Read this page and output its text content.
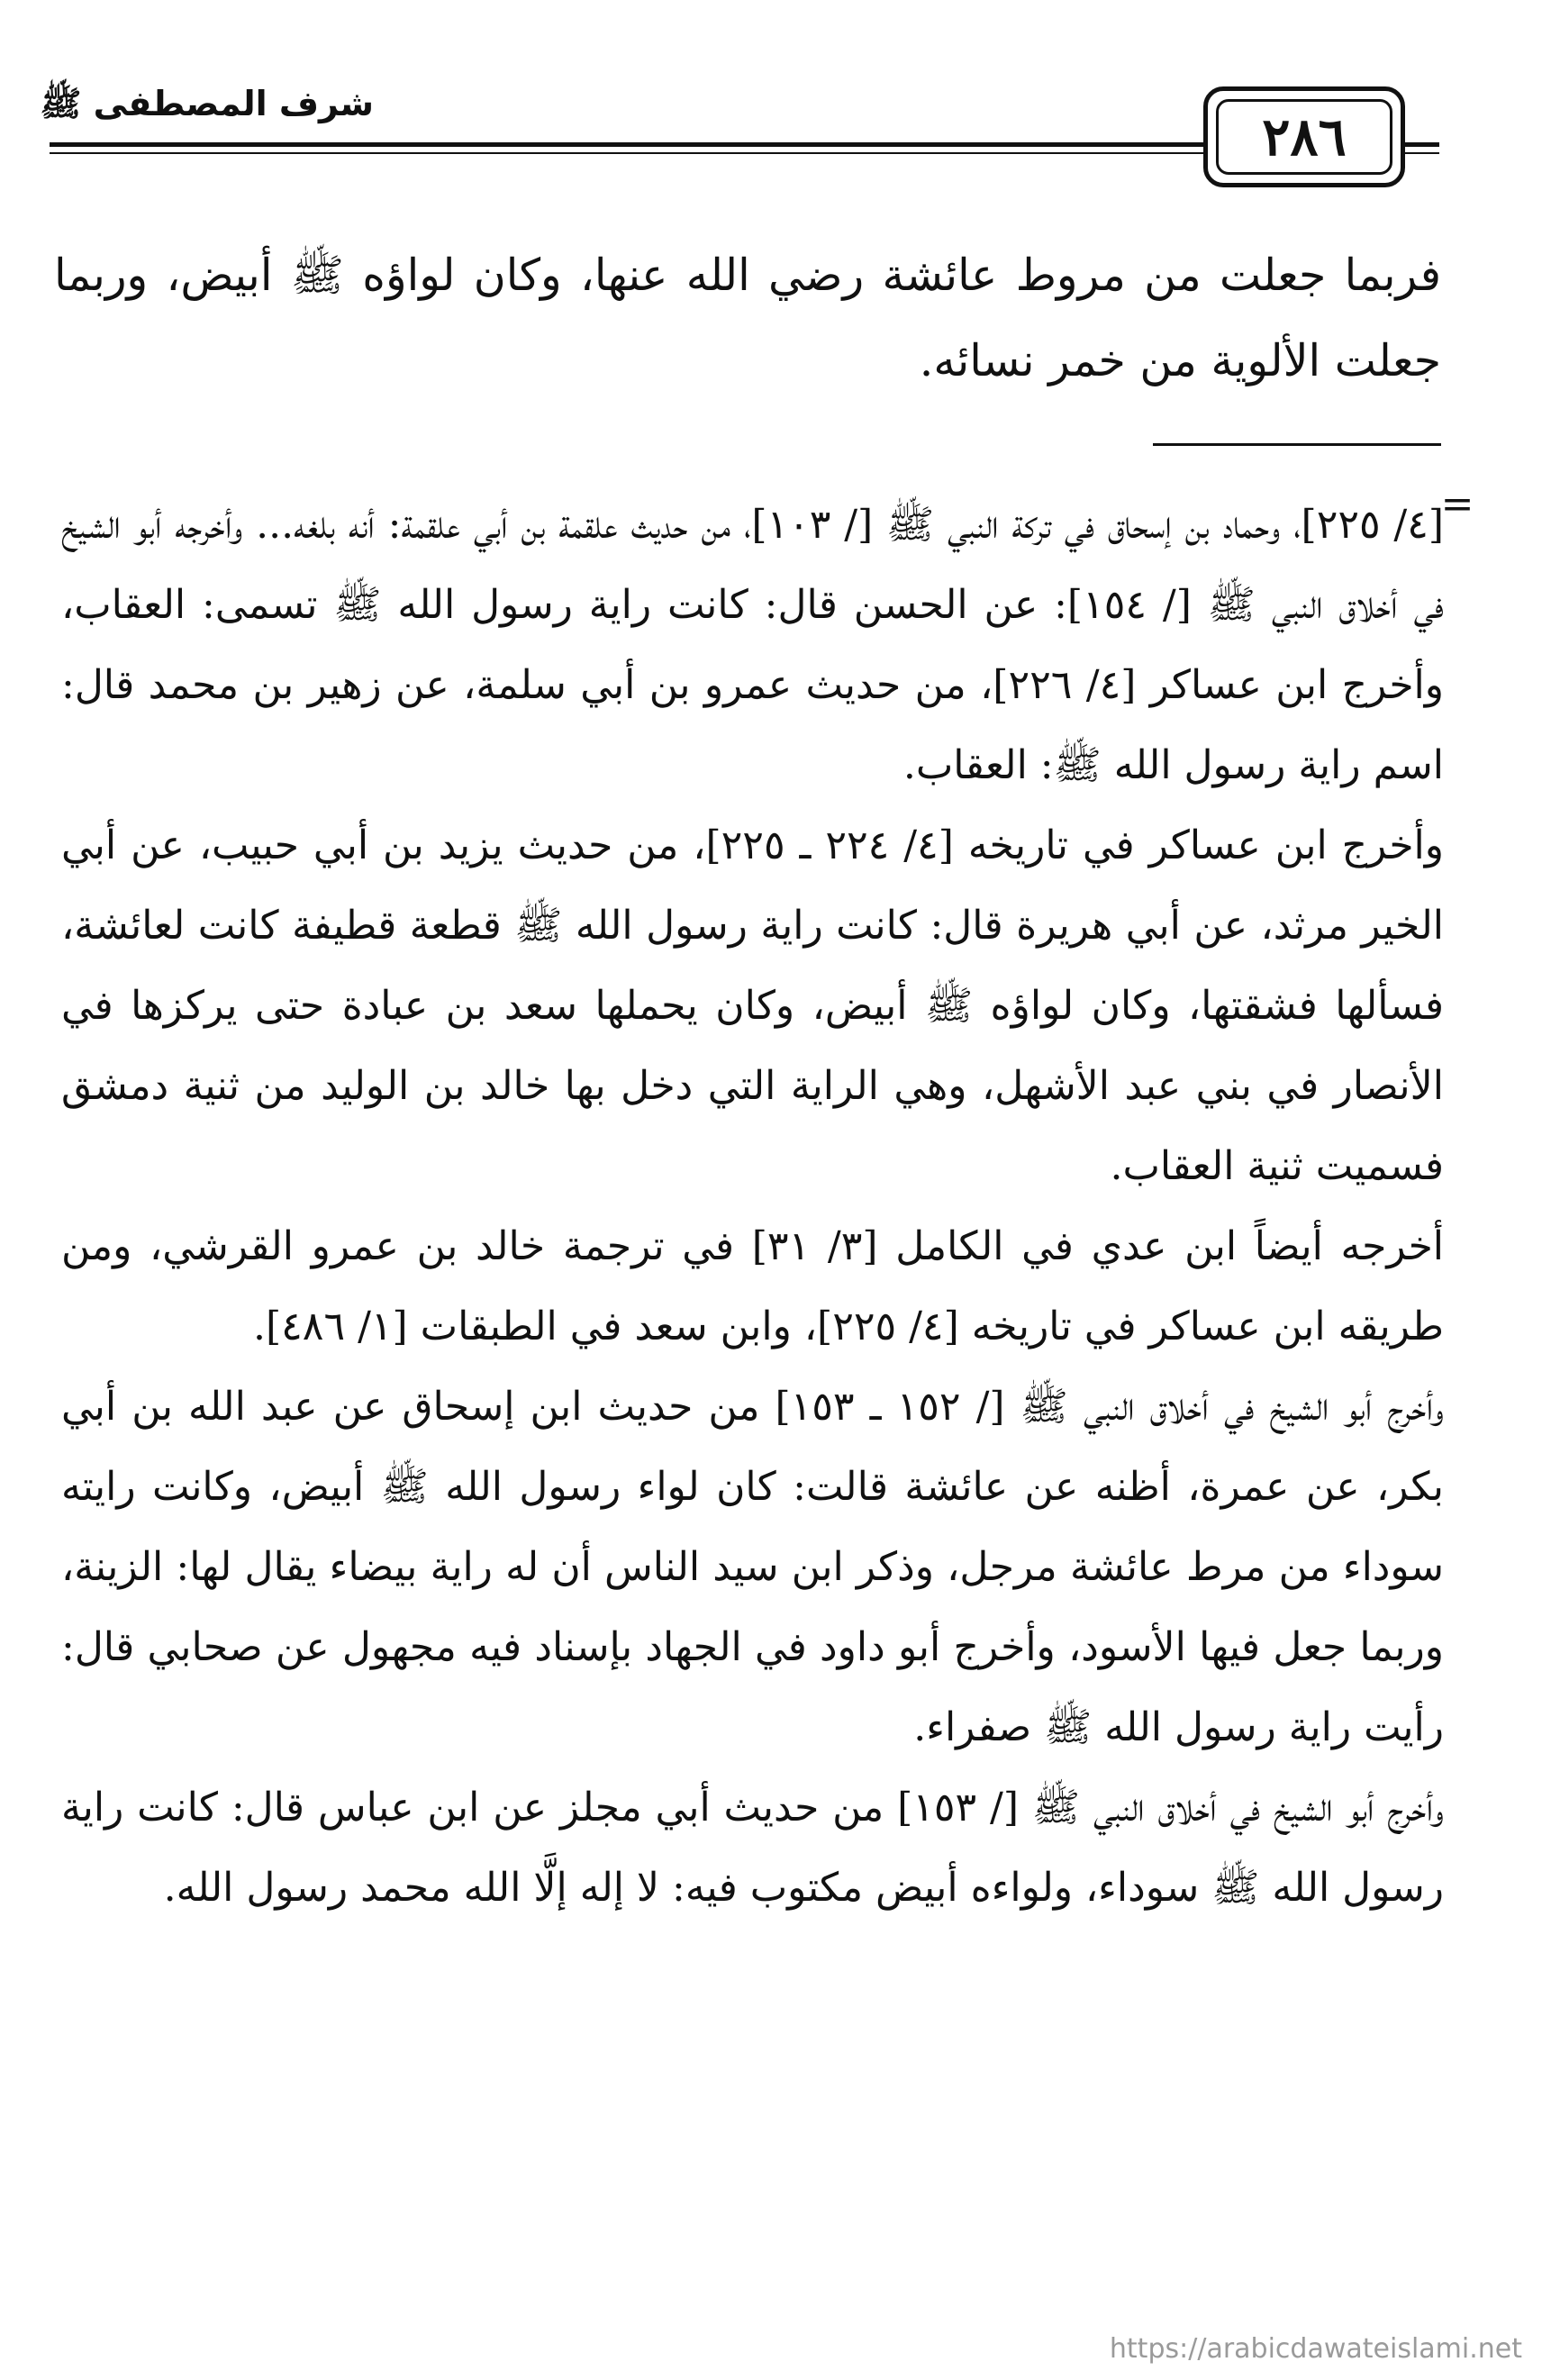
شرف المصطفى ﷺ
٢٨٦

فربما جعلت من مروط عائشة رضي الله عنها، وكان لواؤه ﷺ أبيض، وربما جعلت الألوية من خمر نسائه.

=

[٤/ ٢٢٥]، وحماد بن إسحاق في تركة النبي ﷺ [/ ١٠٣]، من حديث علقمة بن أبي علقمة: أنه بلغه... وأخرجه أبو الشيخ في أخلاق النبي ﷺ [/ ١٥٤]: عن الحسن قال: كانت راية رسول الله ﷺ تسمى: العقاب، وأخرج ابن عساكر [٤/ ٢٢٦]، من حديث عمرو بن أبي سلمة، عن زهير بن محمد قال: اسم راية رسول الله ﷺ: العقاب.

وأخرج ابن عساكر في تاريخه [٤/ ٢٢٤ ـ ٢٢٥]، من حديث يزيد بن أبي حبيب، عن أبي الخير مرثد، عن أبي هريرة قال: كانت راية رسول الله ﷺ قطعة قطيفة كانت لعائشة، فسألها فشقتها، وكان لواؤه ﷺ أبيض، وكان يحملها سعد بن عبادة حتى يركزها في الأنصار في بني عبد الأشهل، وهي الراية التي دخل بها خالد بن الوليد من ثنية دمشق فسميت ثنية العقاب.

أخرجه أيضاً ابن عدي في الكامل [٣/ ٣١] في ترجمة خالد بن عمرو القرشي، ومن طريقه ابن عساكر في تاريخه [٤/ ٢٢٥]، وابن سعد في الطبقات [١/ ٤٨٦].

وأخرج أبو الشيخ في أخلاق النبي ﷺ [/ ١٥٢ ـ ١٥٣] من حديث ابن إسحاق عن عبد الله بن أبي بكر، عن عمرة، أظنه عن عائشة قالت: كان لواء رسول الله ﷺ أبيض، وكانت رايته سوداء من مرط عائشة مرجل، وذكر ابن سيد الناس أن له راية بيضاء يقال لها: الزينة، وربما جعل فيها الأسود، وأخرج أبو داود في الجهاد بإسناد فيه مجهول عن صحابي قال: رأيت راية رسول الله ﷺ صفراء.

وأخرج أبو الشيخ في أخلاق النبي ﷺ [/ ١٥٣] من حديث أبي مجلز عن ابن عباس قال: كانت راية رسول الله ﷺ سوداء، ولواءه أبيض مكتوب فيه: لا إله إلَّا الله محمد رسول الله.

https://arabicdawateislami.net
